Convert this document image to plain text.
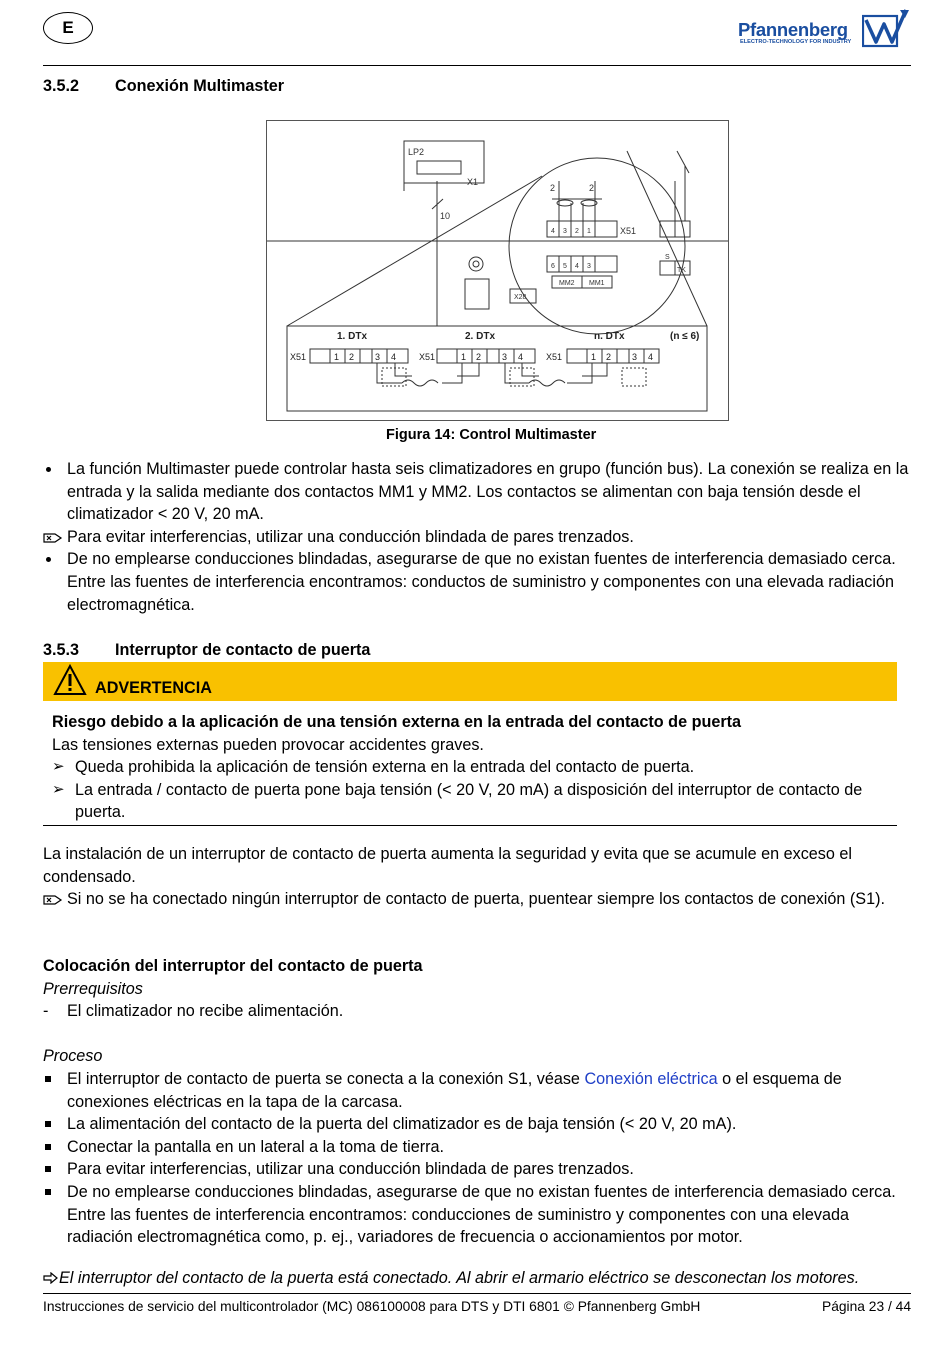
E	Pfannenberg
ELECTRO-TECHNOLOGY FOR INDUSTRY
3.5.2 Conexión Multimaster
LP2
X1
10
X51
X28
MM2 MM1
2	2
S
TK
4 3 2 1
6 5 4 3
1. DTx	2. DTx	n. DTx	(n ≤ 6)
X51	X51	X51
1 2 3 4	1 2 3 4	1 2 3 4
Figura 14: Control Multimaster
La función Multimaster puede controlar hasta seis climatizadores en grupo (función bus). La conexión se realiza en la entrada y la salida mediante dos contactos MM1 y MM2. Los contactos se alimentan con baja tensión desde el climatizador < 20 V, 20 mA.
Para evitar interferencias, utilizar una conducción blindada de pares trenzados.
De no emplearse conducciones blindadas, asegurarse de que no existan fuentes de interferencia demasiado cerca. Entre las fuentes de interferencia encontramos: conductos de suministro y componentes con una elevada radiación electromagnética.
3.5.3 Interruptor de contacto de puerta
ADVERTENCIA

Riesgo debido a la aplicación de una tensión externa en la entrada del contacto de puerta

Las tensiones externas pueden provocar accidentes graves.

➢ Queda prohibida la aplicación de tensión externa en la entrada del contacto de puerta.
➢ La entrada / contacto de puerta pone baja tensión (< 20 V, 20 mA) a disposición del interruptor de contacto de puerta.

La instalación de un interruptor de contacto de puerta aumenta la seguridad y evita que se acumule en exceso el condensado.

Si no se ha conectado ningún interruptor de contacto de puerta, puentear siempre los contactos de conexión (S1).

Colocación del interruptor del contacto de puerta

Prerrequisitos

- El climatizador no recibe alimentación.

Proceso

El interruptor de contacto de puerta se conecta a la conexión S1, véase Conexión eléctrica o el esquema de conexiones eléctricas en la tapa de la carcasa.
La alimentación del contacto de la puerta del climatizador es de baja tensión (< 20 V, 20 mA).
Conectar la pantalla en un lateral a la toma de tierra.
Para evitar interferencias, utilizar una conducción blindada de pares trenzados.
De no emplearse conducciones blindadas, asegurarse de que no existan fuentes de interferencia demasiado cerca. Entre las fuentes de interferencia encontramos: conducciones de suministro y componentes con una elevada radiación electromagnética como, p. ej., variadores de frecuencia o accionamientos por motor.
El interruptor del contacto de la puerta está conectado. Al abrir el armario eléctrico se desconectan los motores.
Instrucciones de servicio del multicontrolador (MC) 086100008 para DTS y DTI 6801 © Pfannenberg GmbH	Página 23 / 44
